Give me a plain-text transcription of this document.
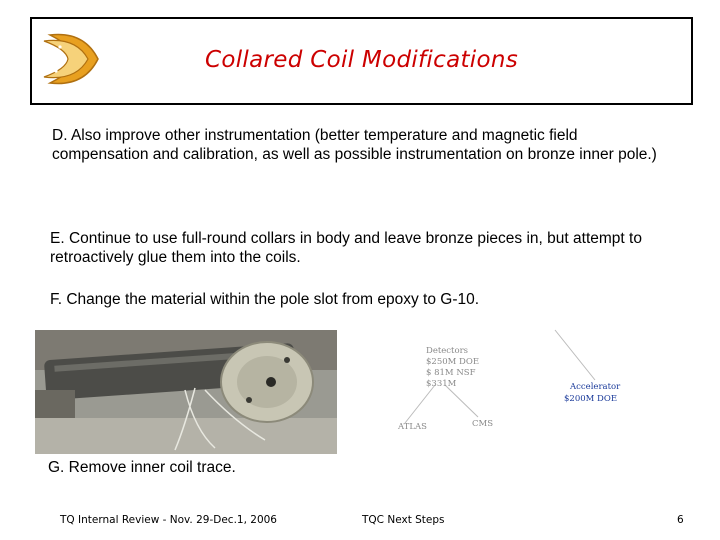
Collared Coil Modifications
D. Also improve other instrumentation (better temperature and magnetic field compensation and calibration, as well as possible instrumentation on bronze inner pole.)
E. Continue to use full-round collars in body and leave bronze pieces in, but attempt to retroactively glue them into the coils.
F. Change the material within the pole slot from epoxy to G-10.
Detectors
$250M DOE
$ 81M NSF
$331M
ATLAS	CMS
Accelerator
$200M DOE
G. Remove inner coil trace.
TQ Internal Review - Nov. 29-Dec.1, 2006	TQC Next Steps	6
